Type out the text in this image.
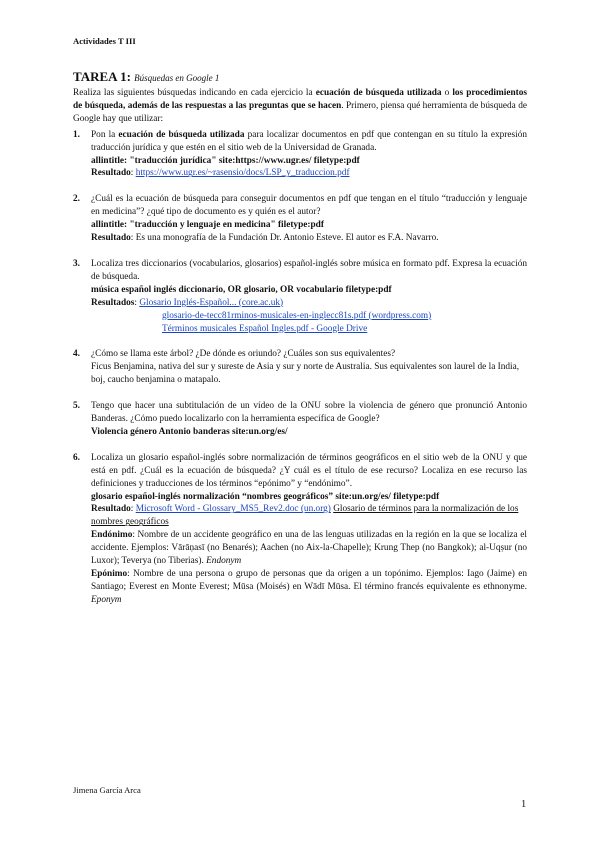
Actividades T III
TAREA 1: Búsquedas en Google 1
Realiza las siguientes búsquedas indicando en cada ejercicio la ecuación de búsqueda utilizada o los procedimientos de búsqueda, además de las respuestas a las preguntas que se hacen. Primero, piensa qué herramienta de búsqueda de Google hay que utilizar:
1. Pon la ecuación de búsqueda utilizada para localizar documentos en pdf que contengan en su título la expresión traducción jurídica y que estén en el sitio web de la Universidad de Granada.
allintitle: "traducción jurídica" site:https://www.ugr.es/ filetype:pdf
Resultado: https://www.ugr.es/~rasensio/docs/LSP_y_traduccion.pdf
2. ¿Cuál es la ecuación de búsqueda para conseguir documentos en pdf que tengan en el título “traducción y lenguaje en medicina”? ¿qué tipo de documento es y quién es el autor?
allintitle: "traducción y lenguaje en medicina" filetype:pdf
Resultado: Es una monografía de la Fundación Dr. Antonio Esteve. El autor es F.A. Navarro.
3. Localiza tres diccionarios (vocabularios, glosarios) español-inglés sobre música en formato pdf. Expresa la ecuación de búsqueda.
música español inglés diccionario, OR glosario, OR vocabulario filetype:pdf
Resultados: Glosario Inglés-Español... (core.ac.uk)
glosario-de-tecc81rminos-musicales-en-inglecc81s.pdf (wordpress.com)
Términos musicales Español Ingles.pdf - Google Drive
4. ¿Cómo se llama este árbol? ¿De dónde es oriundo? ¿Cuáles son sus equivalentes?
Ficus Benjamina, nativa del sur y sureste de Asia y sur y norte de Australia. Sus equivalentes son laurel de la India, boj, caucho benjamina o matapalo.
5. Tengo que hacer una subtitulación de un vídeo de la ONU sobre la violencia de género que pronunció Antonio Banderas. ¿Cómo puedo localizarlo con la herramienta específica de Google?
Violencia género Antonio banderas site:un.org/es/
6. Localiza un glosario español-inglés sobre normalización de términos geográficos en el sitio web de la ONU y que está en pdf. ¿Cuál es la ecuación de búsqueda? ¿Y cuál es el título de ese recurso? Localiza en ese recurso las definiciones y traducciones de los términos “epónimo” y “endónimo”.
glosario español-inglés normalización “nombres geográficos” site:un.org/es/ filetype:pdf
Resultado: Microsoft Word - Glossary_MS5_Rev2.doc (un.org) Glosario de términos para la normalización de los nombres geográficos
Endónimo: Nombre de un accidente geográfico en una de las lenguas utilizadas en la región en la que se localiza el accidente. Ejemplos: Vārāṇasī (no Benarés); Aachen (no Aix-la-Chapelle); Krung Thep (no Bangkok); al-Uqṣur (no Luxor); Teverya (no Tiberias). Endonym
Epónimo: Nombre de una persona o grupo de personas que da origen a un topónimo. Ejemplos: Iago (Jaime) en Santiago; Everest en Monte Everest; Mūsa (Moisés) en Wādī Mūsa. El término francés equivalente es ethnonyme. Eponym
Jimena García Arca
1
